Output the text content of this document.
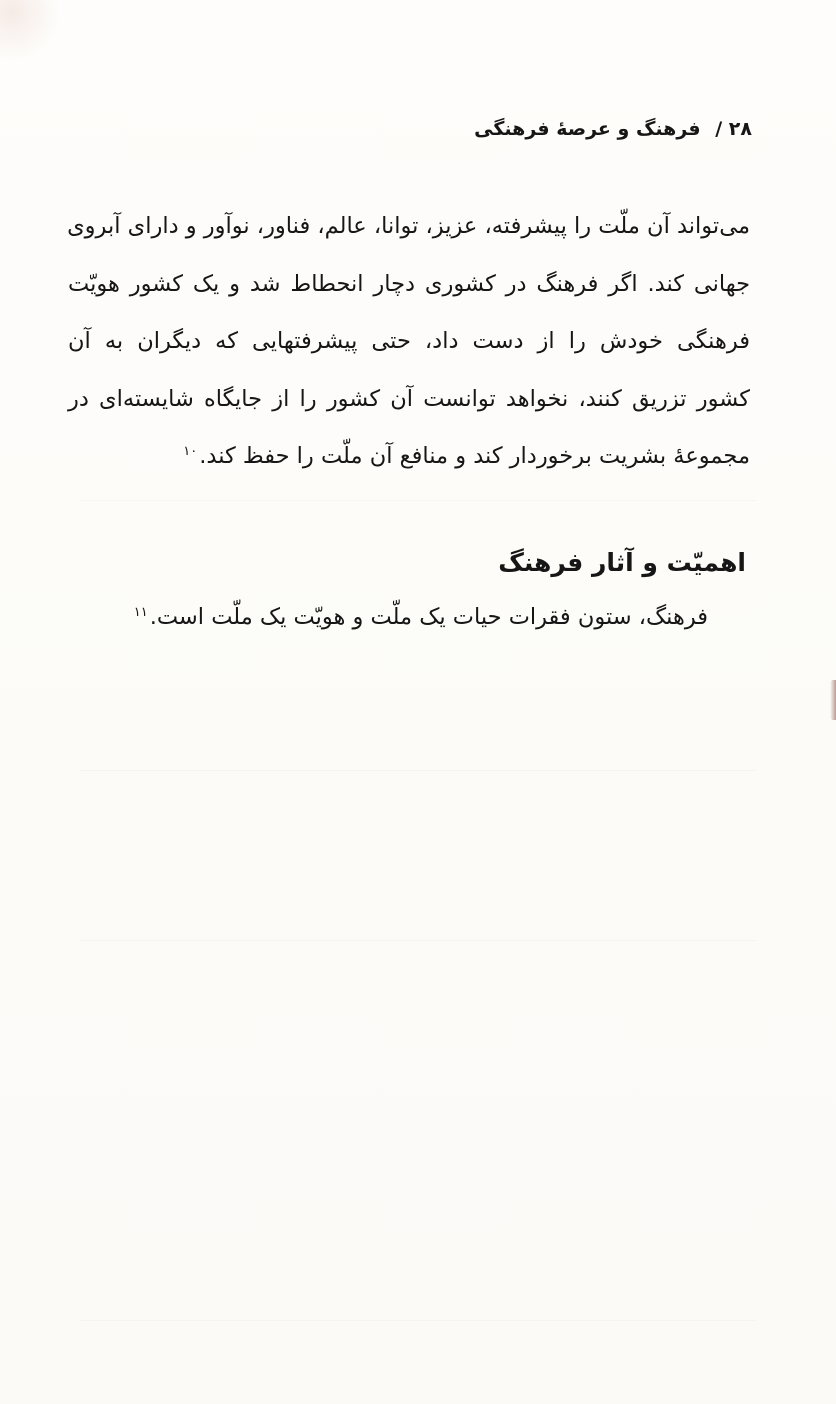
۲۸ / فرهنگ و عرصهٔ فرهنگی
می‌تواند آن ملّت را پیشرفته، عزیز، توانا، عالم، فناور، نوآور و دارای آبروی
جهانی کند. اگر فرهنگ در کشوری دچار انحطاط شد و یک کشور هویّت
فرهنگی خودش را از دست داد، حتی پیشرفتهایی که دیگران به آن
کشور تزریق کنند، نخواهد توانست آن کشور را از جایگاه شایسته‌ای در
مجموعهٔ بشریت برخوردار کند و منافع آن ملّت را حفظ کند.$^{۱۰}$
اهمیّت و آثار فرهنگ
فرهنگ، ستون فقرات حیات یک ملّت و هویّت یک ملّت است.$^{۱۱}$
